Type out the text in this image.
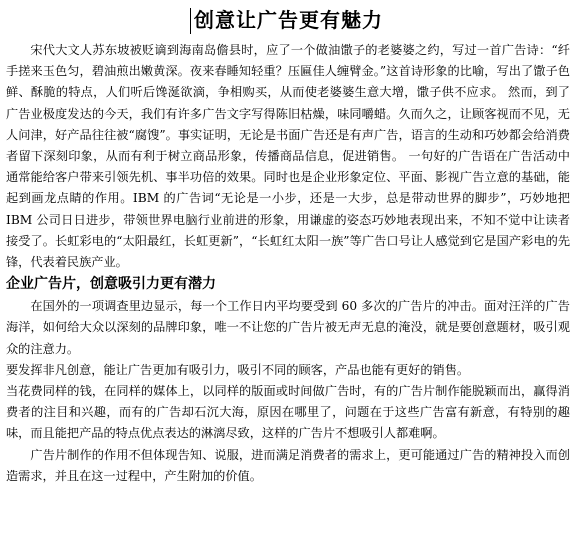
创意让广告更有魅力

宋代大文人苏东坡被贬谪到海南岛儋县时，应了一个做油馓子的老婆婆之约，写过一首广告诗：“纤手搓来玉色匀，碧油煎出嫩黄深。夜来春睡知轻重？压匾佳人缠臂金。”这首诗形象的比喻，写出了馓子色鲜、酥脆的特点，人们听后馋涎欲滴，争相购买，从而使老婆婆生意大增，馓子供不应求。 然而，到了广告业极度发达的今天，我们有许多广告文字写得陈旧枯燥，味同嚼蜡。久而久之，让顾客视而不见，无人问津，好产品往往被“腐馊”。事实证明，无论是书面广告还是有声广告，语言的生动和巧妙都会给消费者留下深刻印象，从而有利于树立商品形象，传播商品信息，促进销售。 一句好的广告语在广告活动中通常能给客户带来引领先机、事半功倍的效果。同时也是企业形象定位、平面、影视广告立意的基础，能起到画龙点睛的作用。IBM 的广告词“无论是一小步，还是一大步，总是带动世界的脚步”，巧妙地把 IBM 公司日日进步，带领世界电脑行业前进的形象，用谦虚的姿态巧妙地表现出来，不知不觉中让读者接受了。长虹彩电的“太阳最红，长虹更新”，“长虹红太阳一族”等广告口号让人感觉到它是国产彩电的先锋，代表着民族产业。

企业广告片，创意吸引力更有潜力

在国外的一项调查里边显示，每一个工作日内平均要受到 60 多次的广告片的冲击。面对汪洋的广告海洋，如何给大众以深刻的品牌印象，唯一不让您的广告片被无声无息的淹没，就是要创意题材，吸引观众的注意力。

要发挥非凡创意，能让广告更加有吸引力，吸引不同的顾客，产品也能有更好的销售。

当花费同样的钱，在同样的媒体上，以同样的版面或时间做广告时，有的广告片制作能脱颖而出，赢得消费者的注目和兴趣，而有的广告却石沉大海，原因在哪里了，问题在于这些广告富有新意，有特别的趣味，而且能把产品的特点优点表达的淋漓尽致，这样的广告片不想吸引人都难啊。

广告片制作的作用不但体现告知、说服，进而满足消费者的需求上，更可能通过广告的精神投入而创造需求，并且在这一过程中，产生附加的价值。
